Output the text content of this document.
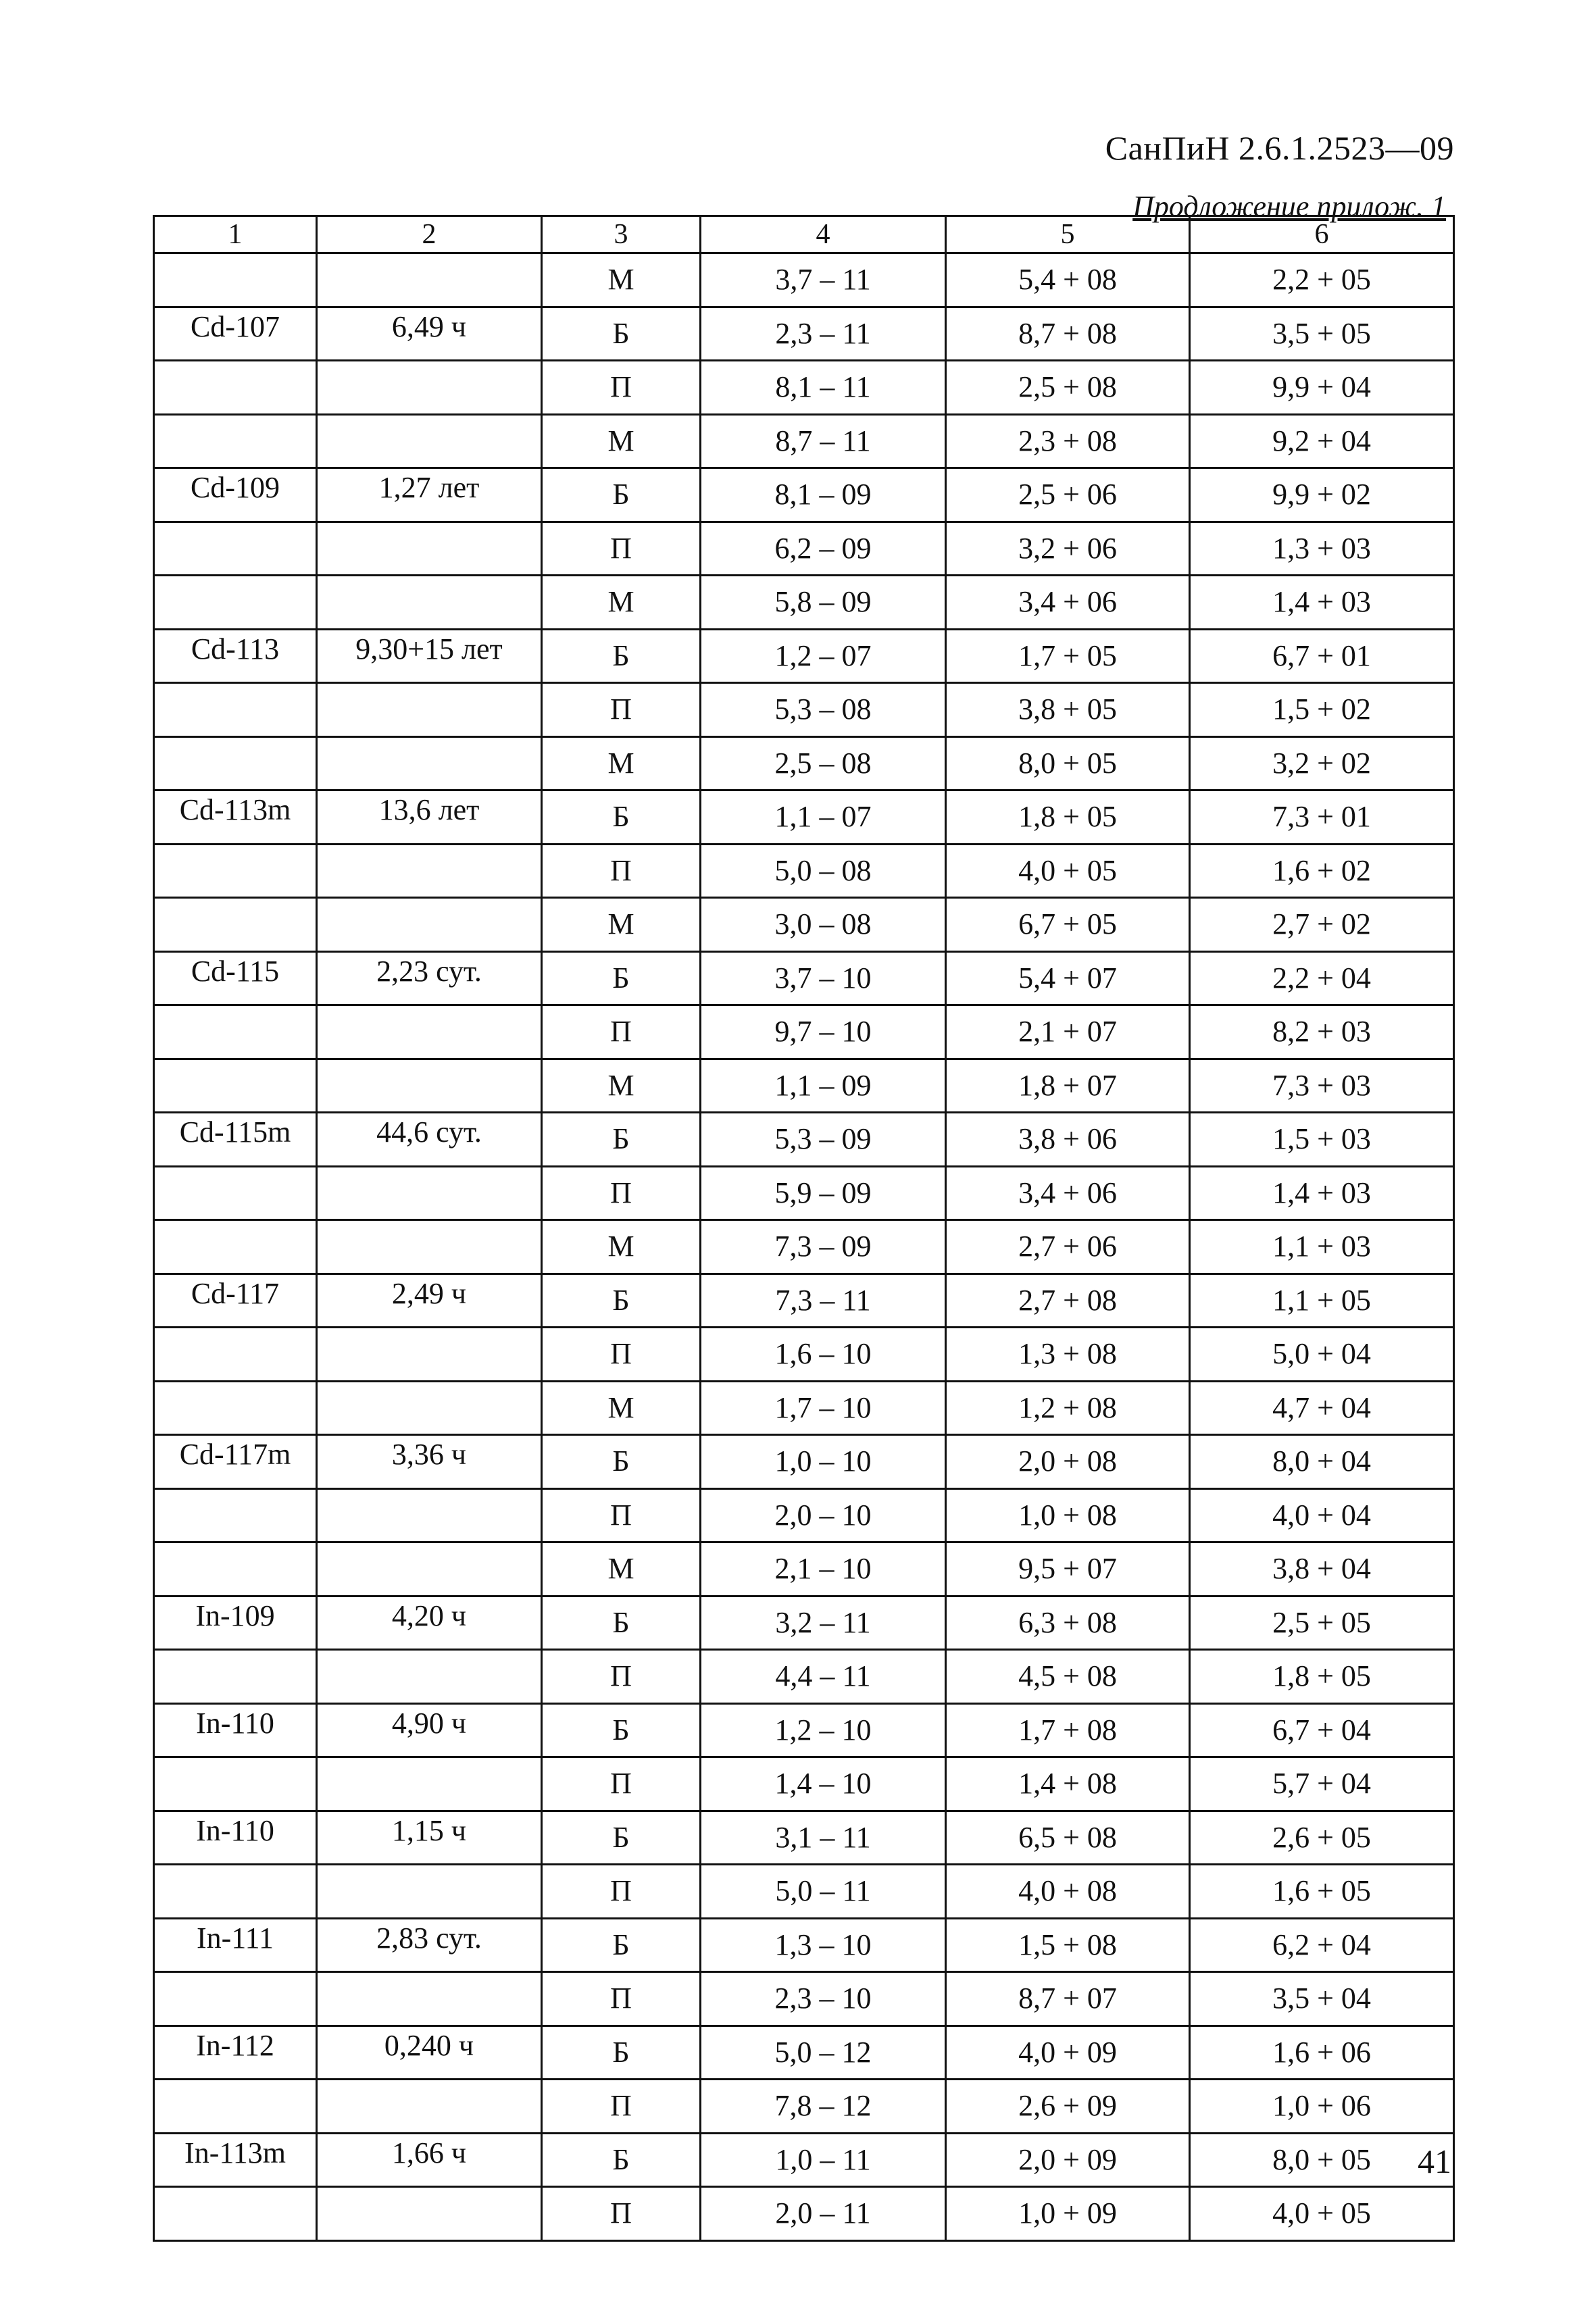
СанПиН 2.6.1.2523—09
Продложение прилож. 1
1	2	3	4	5	6
		М	3,7 – 11	5,4 + 08	2,2 + 05
Cd-107	6,49 ч	Б	2,3 – 11	8,7 + 08	3,5 + 05
		П	8,1 – 11	2,5 + 08	9,9 + 04
		М	8,7 – 11	2,3 + 08	9,2 + 04
Cd-109	1,27 лет	Б	8,1 – 09	2,5 + 06	9,9 + 02
		П	6,2 – 09	3,2 + 06	1,3 + 03
		М	5,8 – 09	3,4 + 06	1,4 + 03
Cd-113	9,30+15 лет	Б	1,2 – 07	1,7 + 05	6,7 + 01
		П	5,3 – 08	3,8 + 05	1,5 + 02
		М	2,5 – 08	8,0 + 05	3,2 + 02
Cd-113m	13,6 лет	Б	1,1 – 07	1,8 + 05	7,3 + 01
		П	5,0 – 08	4,0 + 05	1,6 + 02
		М	3,0 – 08	6,7 + 05	2,7 + 02
Cd-115	2,23 сут.	Б	3,7 – 10	5,4 + 07	2,2 + 04
		П	9,7 – 10	2,1 + 07	8,2 + 03
		М	1,1 – 09	1,8 + 07	7,3 + 03
Cd-115m	44,6 сут.	Б	5,3 – 09	3,8 + 06	1,5 + 03
		П	5,9 – 09	3,4 + 06	1,4 + 03
		М	7,3 – 09	2,7 + 06	1,1 + 03
Cd-117	2,49 ч	Б	7,3 – 11	2,7 + 08	1,1 + 05
		П	1,6 – 10	1,3 + 08	5,0 + 04
		М	1,7 – 10	1,2 + 08	4,7 + 04
Cd-117m	3,36 ч	Б	1,0 – 10	2,0 + 08	8,0 + 04
		П	2,0 – 10	1,0 + 08	4,0 + 04
		М	2,1 – 10	9,5 + 07	3,8 + 04
In-109	4,20 ч	Б	3,2 – 11	6,3 + 08	2,5 + 05
		П	4,4 – 11	4,5 + 08	1,8 + 05
In-110	4,90 ч	Б	1,2 – 10	1,7 + 08	6,7 + 04
		П	1,4 – 10	1,4 + 08	5,7 + 04
In-110	1,15 ч	Б	3,1 – 11	6,5 + 08	2,6 + 05
		П	5,0 – 11	4,0 + 08	1,6 + 05
In-111	2,83 сут.	Б	1,3 – 10	1,5 + 08	6,2 + 04
		П	2,3 – 10	8,7 + 07	3,5 + 04
In-112	0,240 ч	Б	5,0 – 12	4,0 + 09	1,6 + 06
		П	7,8 – 12	2,6 + 09	1,0 + 06
In-113m	1,66 ч	Б	1,0 – 11	2,0 + 09	8,0 + 05
		П	2,0 – 11	1,0 + 09	4,0 + 05
41
